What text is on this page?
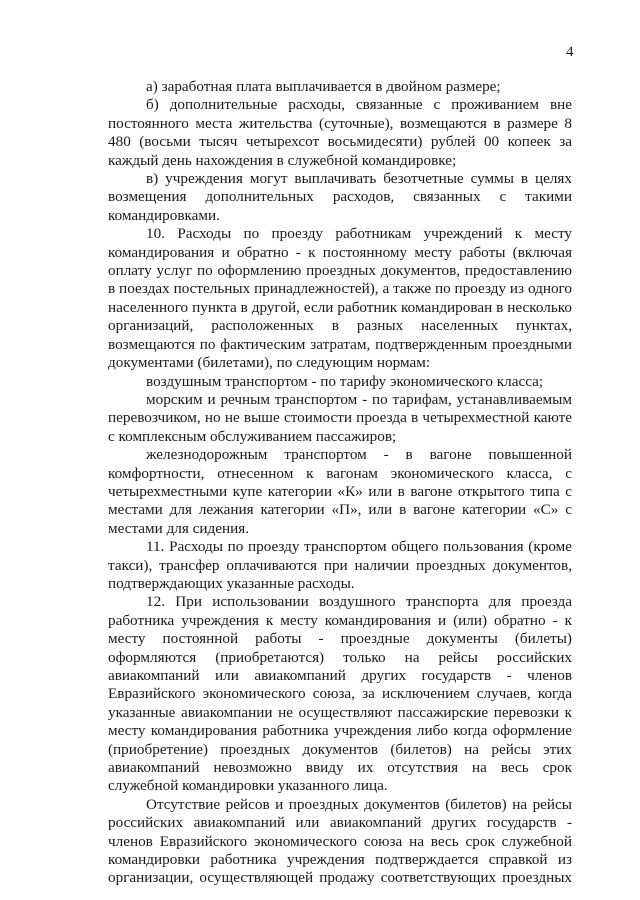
4

а) заработная плата выплачивается в двойном размере;

б) дополнительные расходы, связанные с проживанием вне постоянного места жительства (суточные), возмещаются в размере 8 480 (восьми тысяч четырехсот восьмидесяти) рублей 00 копеек за каждый день нахождения в служебной командировке;

в) учреждения могут выплачивать безотчетные суммы в целях возмещения дополнительных расходов, связанных с такими командировками.

10. Расходы по проезду работникам учреждений к месту командирования и обратно - к постоянному месту работы (включая оплату услуг по оформлению проездных документов, предоставлению в поездах постельных принадлежностей), а также по проезду из одного населенного пункта в другой, если работник командирован в несколько организаций, расположенных в разных населенных пунктах, возмещаются по фактическим затратам, подтвержденным проездными документами (билетами), по следующим нормам:

воздушным транспортом - по тарифу экономического класса;

морским и речным транспортом - по тарифам, устанавливаемым перевозчиком, но не выше стоимости проезда в четырехместной каюте с комплексным обслуживанием пассажиров;

железнодорожным транспортом - в вагоне повышенной комфортности, отнесенном к вагонам экономического класса, с четырехместными купе категории «К» или в вагоне открытого типа с местами для лежания категории «П», или в вагоне категории «С» с местами для сидения.

11. Расходы по проезду транспортом общего пользования (кроме такси), трансфер оплачиваются при наличии проездных документов, подтверждающих указанные расходы.

12. При использовании воздушного транспорта для проезда работника учреждения к месту командирования и (или) обратно - к месту постоянной работы - проездные документы (билеты) оформляются (приобретаются) только на рейсы российских авиакомпаний или авиакомпаний других государств - членов Евразийского экономического союза, за исключением случаев, когда указанные авиакомпании не осуществляют пассажирские перевозки к месту командирования работника учреждения либо когда оформление (приобретение) проездных документов (билетов) на рейсы этих авиакомпаний невозможно ввиду их отсутствия на весь срок служебной командировки указанного лица.

Отсутствие рейсов и проездных документов (билетов) на рейсы российских авиакомпаний или авиакомпаний других государств - членов Евразийского экономического союза на весь срок служебной командировки работника учреждения подтверждается справкой из организации, осуществляющей продажу соответствующих проездных
